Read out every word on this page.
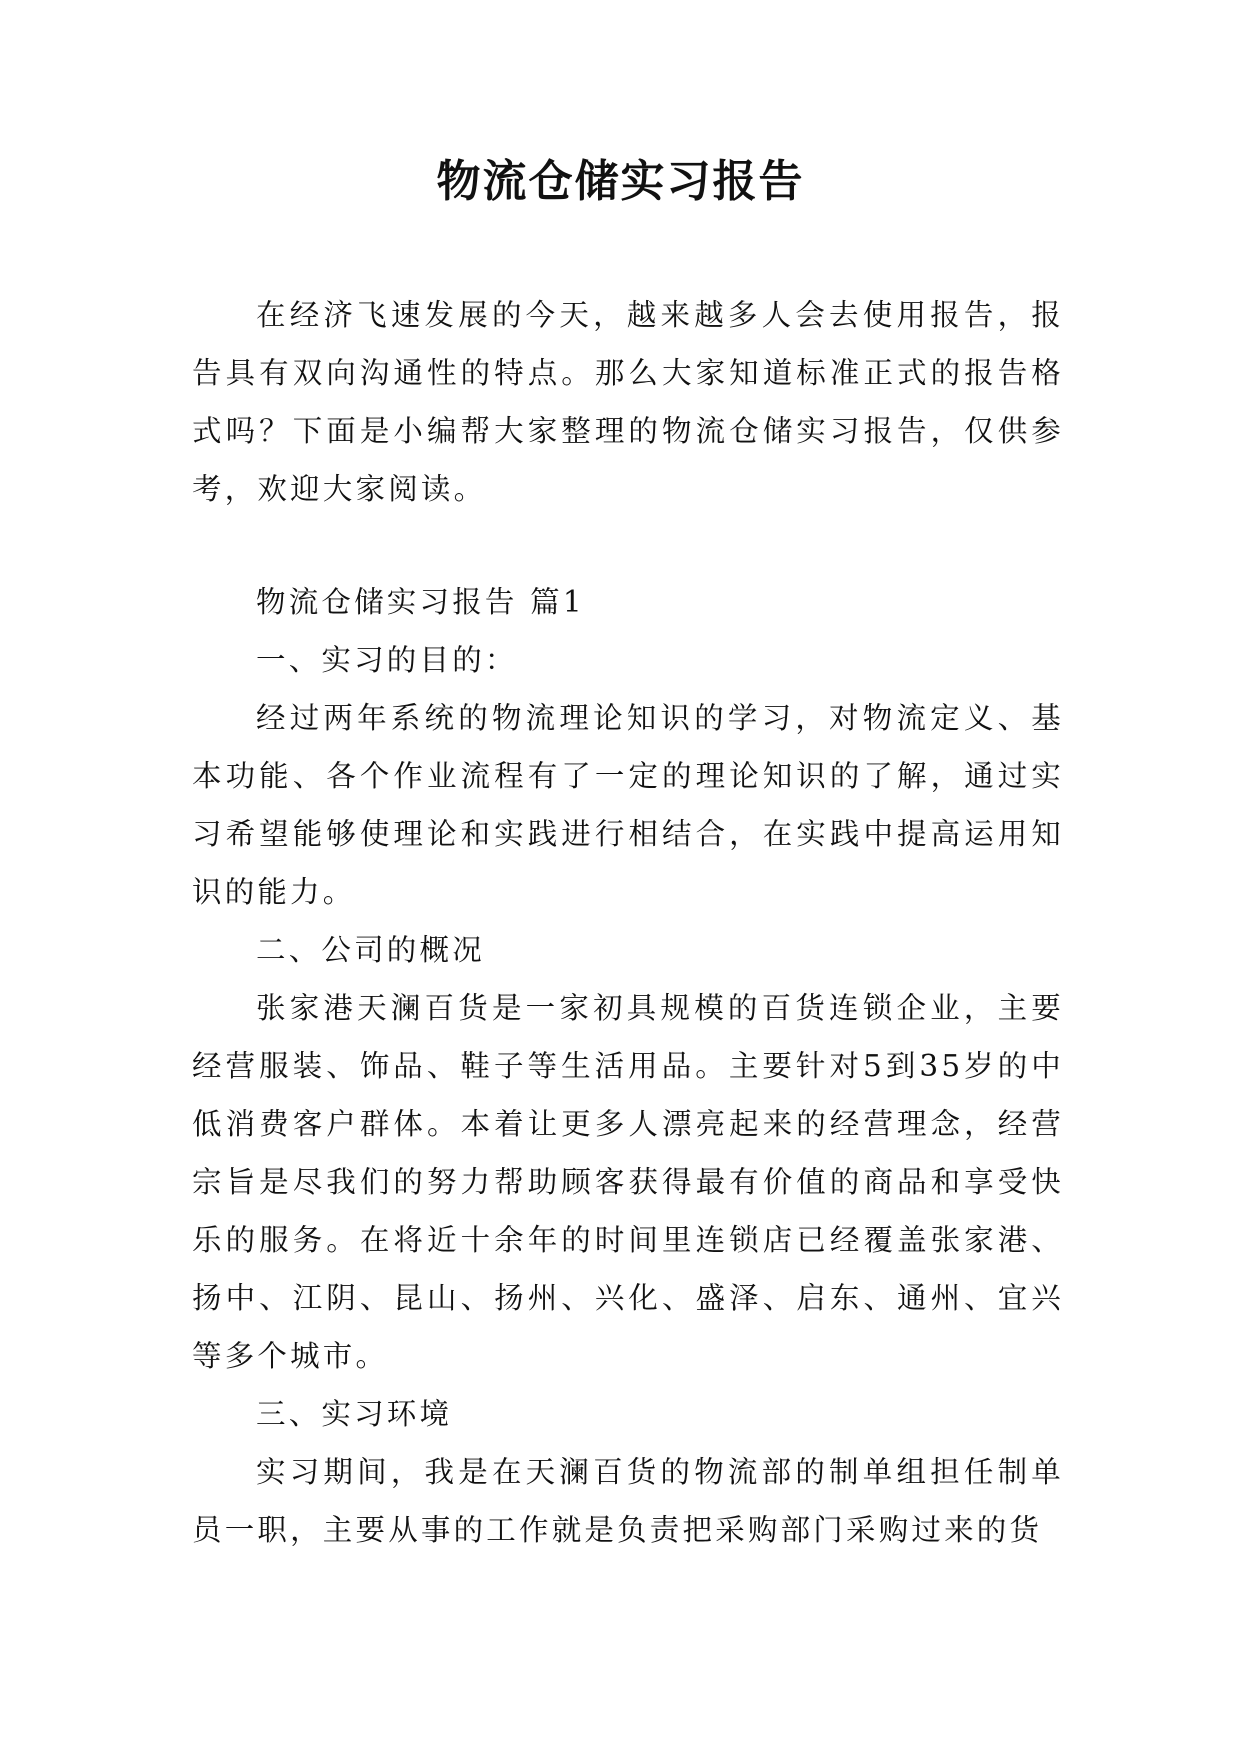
物流仓储实习报告

在经济飞速发展的今天，越来越多人会去使用报告，报告具有双向沟通性的特点。那么大家知道标准正式的报告格式吗？下面是小编帮大家整理的物流仓储实习报告，仅供参考，欢迎大家阅读。

物流仓储实习报告 篇1

一、实习的目的：

经过两年系统的物流理论知识的学习，对物流定义、基本功能、各个作业流程有了一定的理论知识的了解，通过实习希望能够使理论和实践进行相结合，在实践中提高运用知识的能力。

二、公司的概况

张家港天澜百货是一家初具规模的百货连锁企业，主要经营服装、饰品、鞋子等生活用品。主要针对5到35岁的中低消费客户群体。本着让更多人漂亮起来的经营理念，经营宗旨是尽我们的努力帮助顾客获得最有价值的商品和享受快乐的服务。在将近十余年的时间里连锁店已经覆盖张家港、扬中、江阴、昆山、扬州、兴化、盛泽、启东、通州、宜兴等多个城市。

三、实习环境

实习期间，我是在天澜百货的物流部的制单组担任制单员一职，主要从事的工作就是负责把采购部门采购过来的货
